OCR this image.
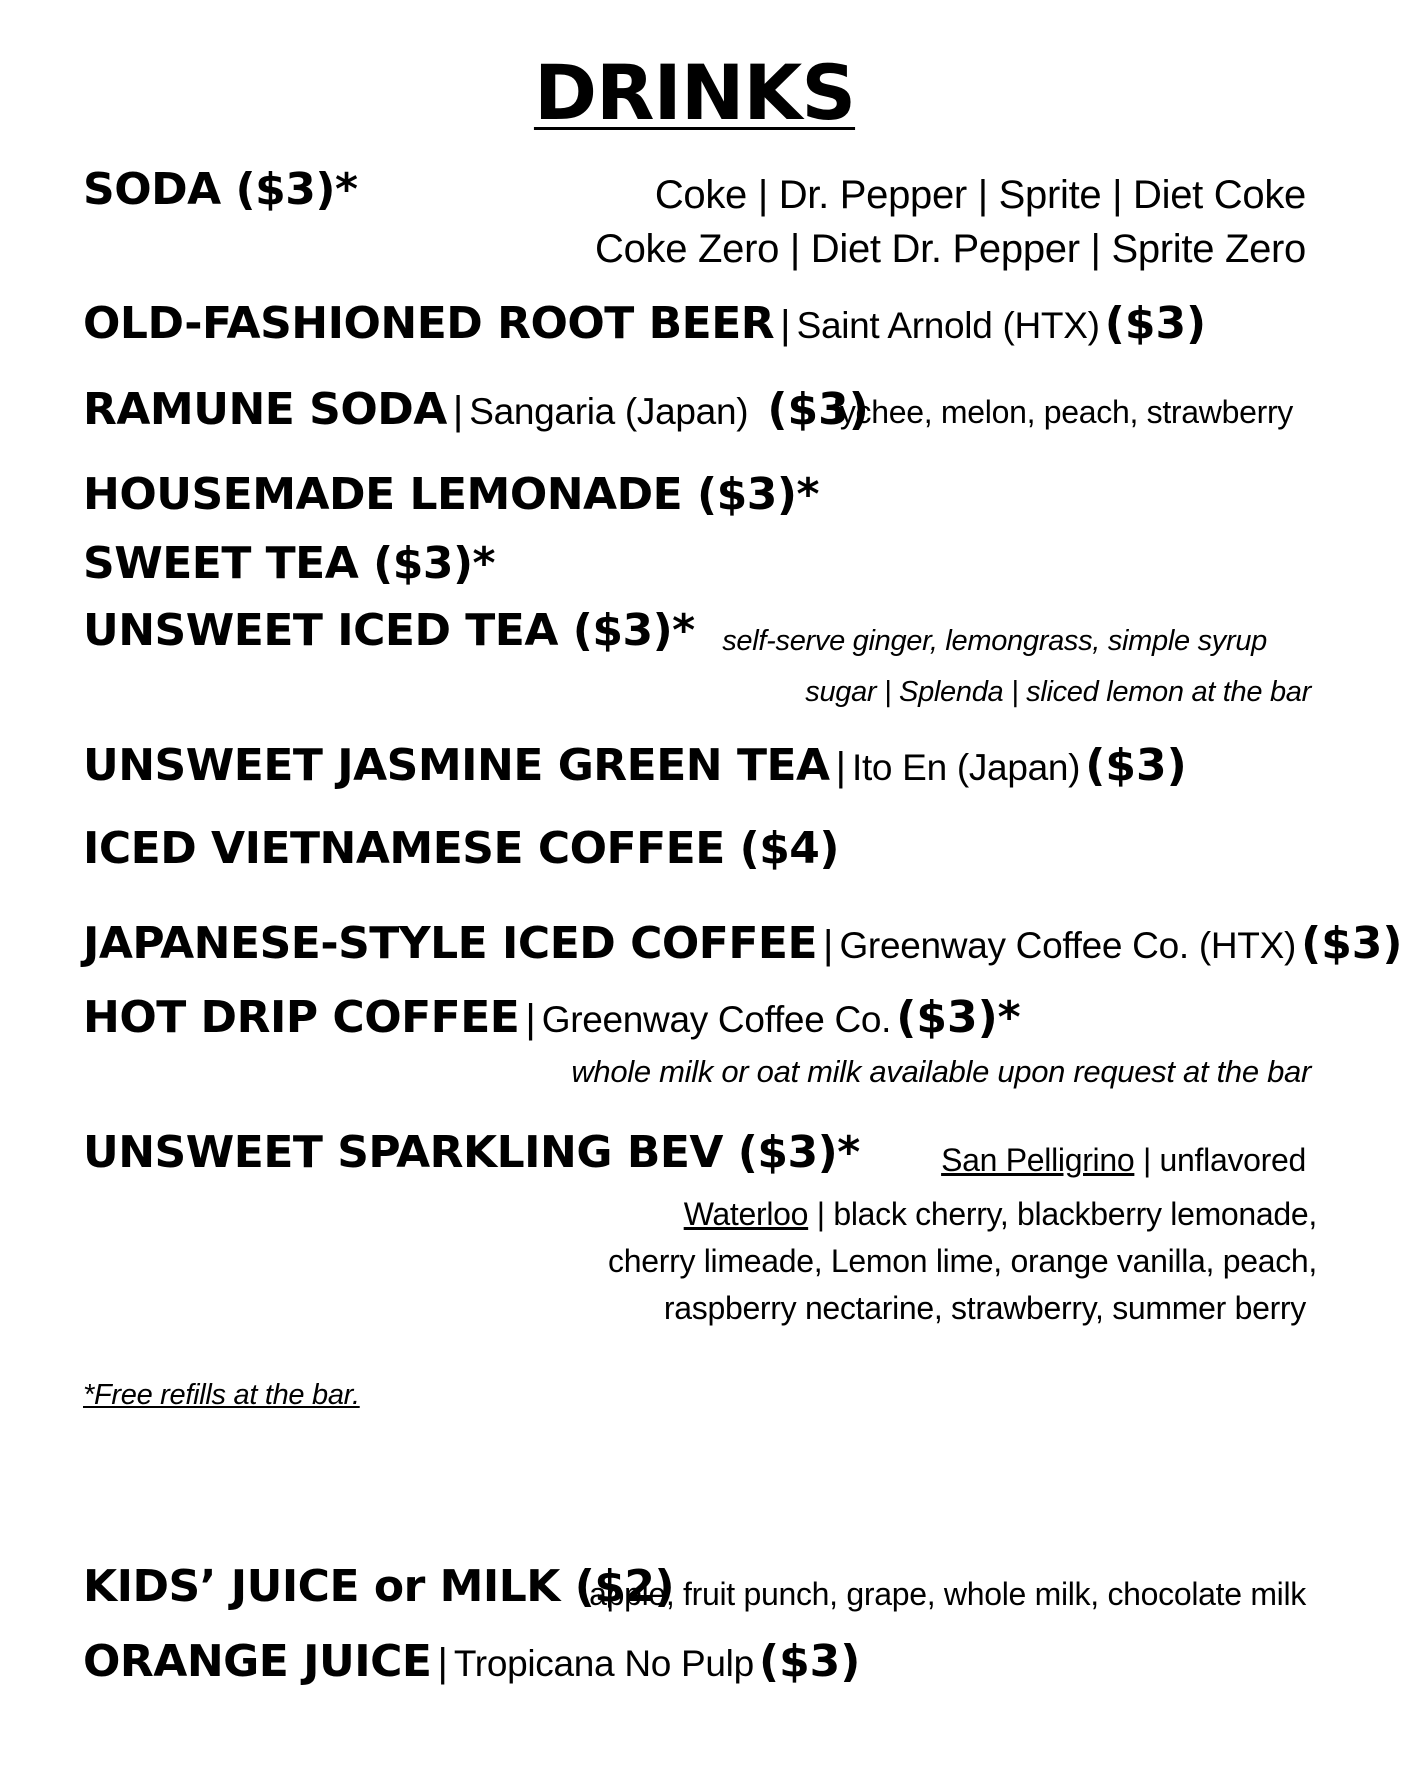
DRINKS
SODA ($3)*	Coke | Dr. Pepper | Sprite | Diet Coke
Coke Zero | Diet Dr. Pepper | Sprite Zero
OLD-FASHIONED ROOT BEER | Saint Arnold (HTX) ($3)
RAMUNE SODA | Sangaria (Japan) ($3)
lychee, melon, peach, strawberry
HOUSEMADE LEMONADE ($3)*
SWEET TEA ($3)*
UNSWEET ICED TEA ($3)* self-serve ginger, lemongrass, simple syrup
sugar | Splenda | sliced lemon at the bar
UNSWEET JASMINE GREEN TEA | Ito En (Japan) ($3)
ICED VIETNAMESE COFFEE ($4)
JAPANESE-STYLE ICED COFFEE | Greenway Coffee Co. (HTX) ($3)
HOT DRIP COFFEE | Greenway Coffee Co. ($3)*
whole milk or oat milk available upon request at the bar
UNSWEET SPARKLING BEV ($3)*	San Pelligrino | unflavored
Waterloo | black cherry, blackberry lemonade,
cherry limeade, Lemon lime, orange vanilla, peach,
raspberry nectarine, strawberry, summer berry
*Free refills at the bar.
KIDS’ JUICE or MILK ($2)
apple, fruit punch, grape, whole milk, chocolate milk
ORANGE JUICE | Tropicana No Pulp ($3)
